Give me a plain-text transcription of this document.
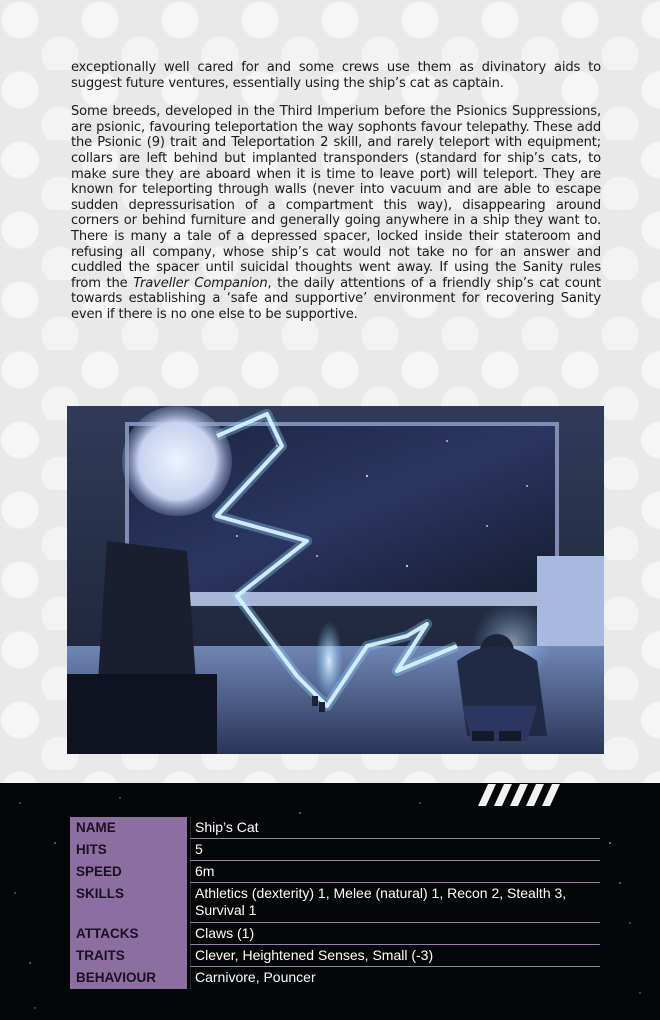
exceptionally well cared for and some crews use them as divinatory aids to suggest future ventures, essentially using the ship’s cat as captain.

Some breeds, developed in the Third Imperium before the Psionics Suppressions, are psionic, favouring teleportation the way sophonts favour telepathy. These add the Psionic (9) trait and Teleportation 2 skill, and rarely teleport with equipment; collars are left behind but implanted transponders (standard for ship’s cats, to make sure they are aboard when it is time to leave port) will teleport. They are known for teleporting through walls (never into vacuum and are able to escape sudden depressurisation of a compartment this way), disappearing around corners or behind furniture and generally going anywhere in a ship they want to. There is many a tale of a depressed spacer, locked inside their stateroom and refusing all company, whose ship’s cat would not take no for an answer and cuddled the spacer until suicidal thoughts went away. If using the Sanity rules from the Traveller Companion, the daily attentions of a friendly ship’s cat count towards establishing a ‘safe and supportive’ environment for recovering Sanity even if there is no one else to be supportive.

NAME	Ship’s Cat
HITS	5
SPEED	6m
SKILLS	Athletics (dexterity) 1, Melee (natural) 1, Recon 2, Stealth 3, Survival 1
ATTACKS	Claws (1)
TRAITS	Clever, Heightened Senses, Small (-3)
BEHAVIOUR	Carnivore, Pouncer
